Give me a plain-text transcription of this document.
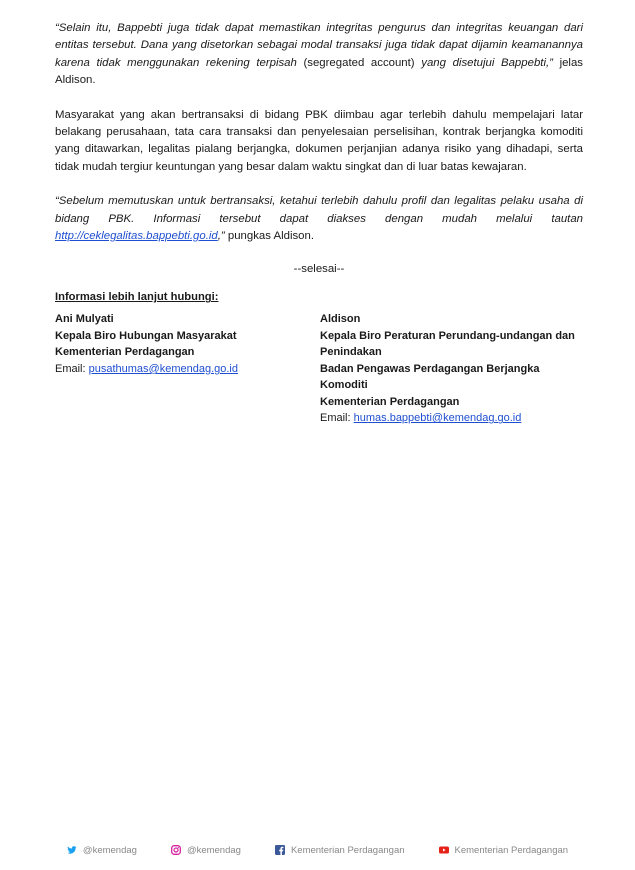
“Selain itu, Bappebti juga tidak dapat memastikan integritas pengurus dan integritas keuangan dari entitas tersebut. Dana yang disetorkan sebagai modal transaksi juga tidak dapat dijamin keamanannya karena tidak menggunakan rekening terpisah (segregated account) yang disetujui Bappebti,” jelas Aldison.

Masyarakat yang akan bertransaksi di bidang PBK diimbau agar terlebih dahulu mempelajari latar belakang perusahaan, tata cara transaksi dan penyelesaian perselisihan, kontrak berjangka komoditi yang ditawarkan, legalitas pialang berjangka, dokumen perjanjian adanya risiko yang dihadapi, serta tidak mudah tergiur keuntungan yang besar dalam waktu singkat dan di luar batas kewajaran.

“Sebelum memutuskan untuk bertransaksi, ketahui terlebih dahulu profil dan legalitas pelaku usaha di bidang PBK. Informasi tersebut dapat diakses dengan mudah melalui tautan http://ceklegalitas.bappebti.go.id,” pungkas Aldison.

--selesai--
Informasi lebih lanjut hubungi:
Ani Mulyati
Kepala Biro Hubungan Masyarakat
Kementerian Perdagangan
Email: pusathumas@kemendag.go.id
Aldison
Kepala Biro Peraturan Perundang-undangan dan Penindakan
Badan Pengawas Perdagangan Berjangka Komoditi
Kementerian Perdagangan
Email: humas.bappebti@kemendag.go.id
@kemendag	@kemendag	Kementerian Perdagangan	Kementerian Perdagangan
